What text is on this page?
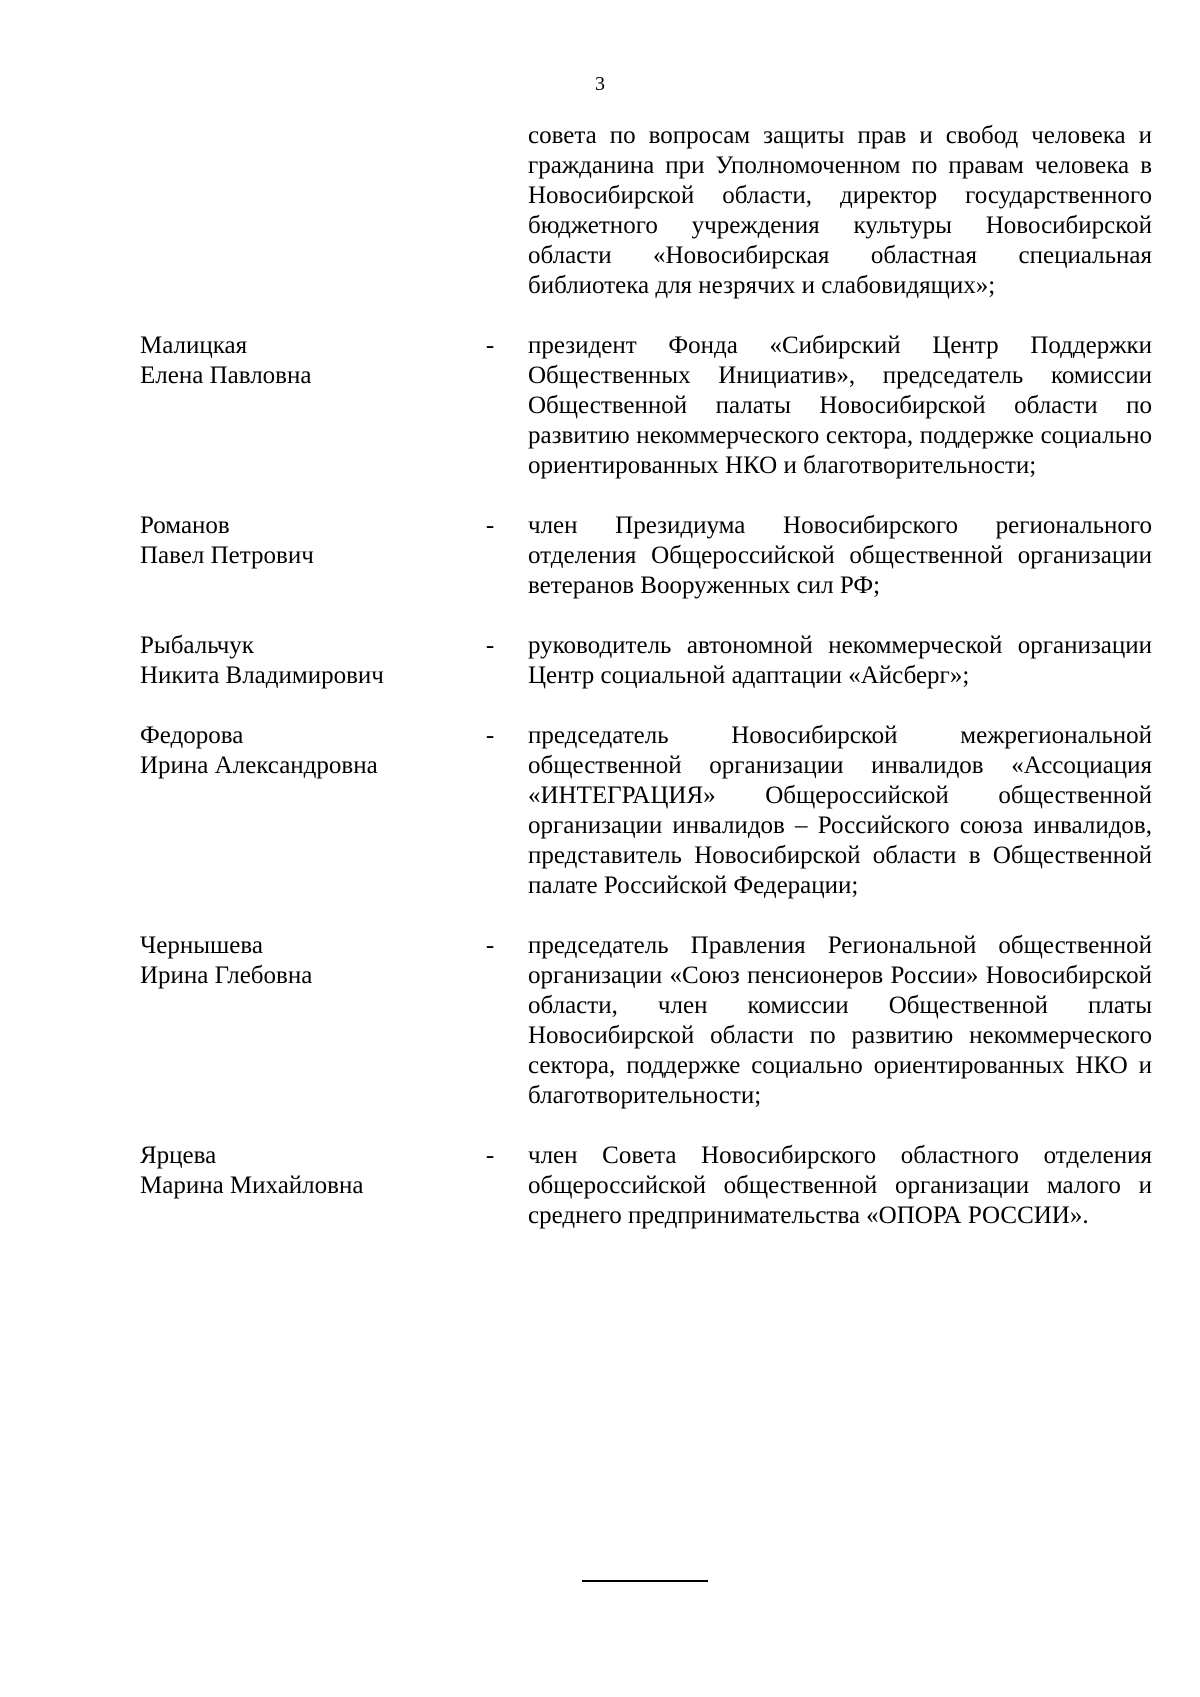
3
совета по вопросам защиты прав и свобод человека и гражданина при Уполномоченном по правам человека в Новосибирской области, директор государственного бюджетного учреждения культуры Новосибирской области «Новосибирская областная специальная библиотека для незрячих и слабовидящих»;
Малицкая
Елена Павловна
- президент Фонда «Сибирский Центр Поддержки Общественных Инициатив», председатель комиссии Общественной палаты Новосибирской области по развитию некоммерческого сектора, поддержке социально ориентированных НКО и благотворительности;
Романов
Павел Петрович
- член Президиума Новосибирского регионального отделения Общероссийской общественной организации ветеранов Вооруженных сил РФ;
Рыбальчук
Никита Владимирович
- руководитель автономной некоммерческой организации Центр социальной адаптации «Айсберг»;
Федорова
Ирина Александровна
- председатель Новосибирской межрегиональной общественной организации инвалидов «Ассоциация «ИНТЕГРАЦИЯ» Общероссийской общественной организации инвалидов – Российского союза инвалидов, представитель Новосибирской области в Общественной палате Российской Федерации;
Чернышева
Ирина Глебовна
- председатель Правления Региональной общественной организации «Союз пенсионеров России» Новосибирской области, член комиссии Общественной платы Новосибирской области по развитию некоммерческого сектора, поддержке социально ориентированных НКО и благотворительности;
Ярцева
Марина Михайловна
- член Совета Новосибирского областного отделения общероссийской общественной организации малого и среднего предпринимательства «ОПОРА РОССИИ».
